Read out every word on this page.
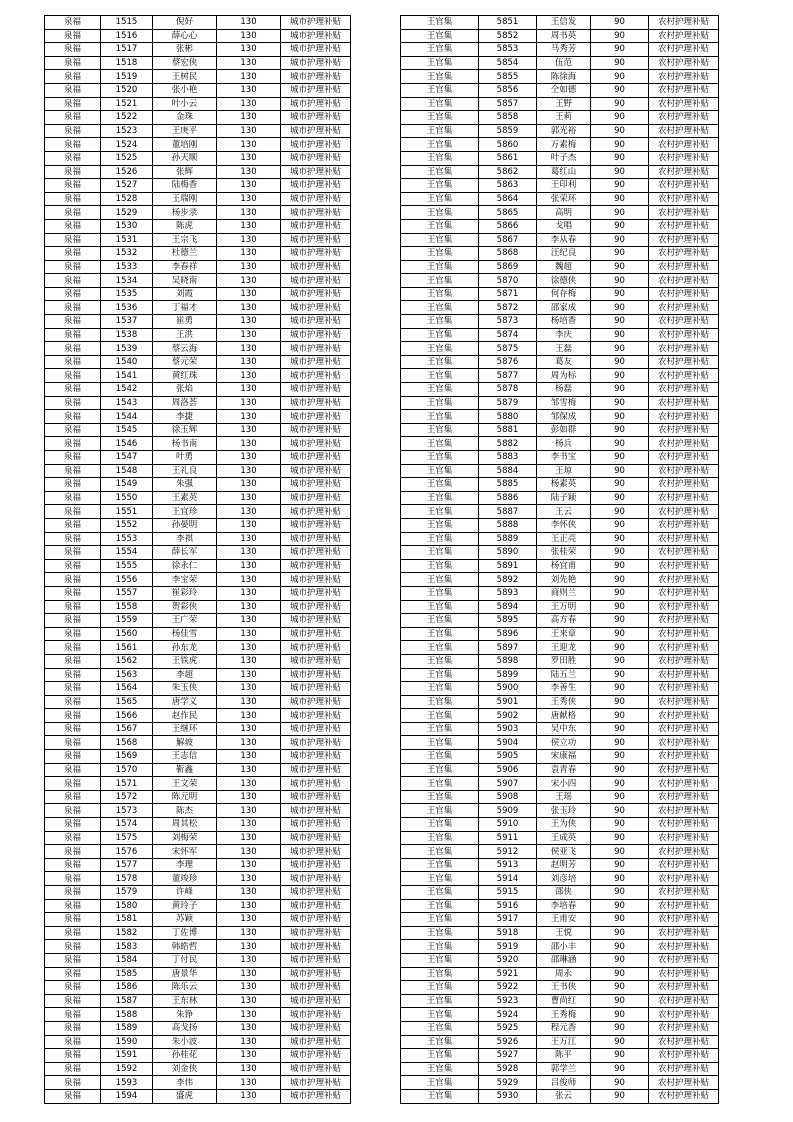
泉福	1515	倪好	130	城市护理补贴
泉福	1516	薛心心	130	城市护理补贴
泉福	1517	张彬	130	城市护理补贴
泉福	1518	蔡宏侠	130	城市护理补贴
泉福	1519	王树民	130	城市护理补贴
泉福	1520	张小艳	130	城市护理补贴
泉福	1521	叶小云	130	城市护理补贴
泉福	1522	金珠	130	城市护理补贴
泉福	1523	王庚平	130	城市护理补贴
泉福	1524	董培刚	130	城市护理补贴
泉福	1525	孙天顺	130	城市护理补贴
泉福	1526	张辉	130	城市护理补贴
泉福	1527	陆梅香	130	城市护理补贴
泉福	1528	王瑞刚	130	城市护理补贴
泉福	1529	杨步录	130	城市护理补贴
泉福	1530	陈虎	130	城市护理补贴
泉福	1531	王宗飞	130	城市护理补贴
泉福	1532	杜德兰	130	城市护理补贴
泉福	1533	李春祥	130	城市护理补贴
泉福	1534	吴晓南	130	城市护理补贴
泉福	1535	刘霞	130	城市护理补贴
泉福	1536	丁福才	130	城市护理补贴
泉福	1537	崔勇	130	城市护理补贴
泉福	1538	王洪	130	城市护理补贴
泉福	1539	蔡云海	130	城市护理补贴
泉福	1540	蔡元荣	130	城市护理补贴
泉福	1541	黄红珠	130	城市护理补贴
泉福	1542	张焰	130	城市护理补贴
泉福	1543	周洛荟	130	城市护理补贴
泉福	1544	李捷	130	城市护理补贴
泉福	1545	徐玉辉	130	城市护理补贴
泉福	1546	杨书南	130	城市护理补贴
泉福	1547	叶勇	130	城市护理补贴
泉福	1548	王礼良	130	城市护理补贴
泉福	1549	朱强	130	城市护理补贴
泉福	1550	王素英	130	城市护理补贴
泉福	1551	王宜珍	130	城市护理补贴
泉福	1552	孙晏明	130	城市护理补贴
泉福	1553	李祺	130	城市护理补贴
泉福	1554	薛长军	130	城市护理补贴
泉福	1555	徐永仁	130	城市护理补贴
泉福	1556	李宝荣	130	城市护理补贴
泉福	1557	崔彩玲	130	城市护理补贴
泉福	1558	贺彩侠	130	城市护理补贴
泉福	1559	王广荣	130	城市护理补贴
泉福	1560	杨佳雪	130	城市护理补贴
泉福	1561	孙东龙	130	城市护理补贴
泉福	1562	王铁虎	130	城市护理补贴
泉福	1563	李超	130	城市护理补贴
泉福	1564	朱玉侠	130	城市护理补贴
泉福	1565	唐学义	130	城市护理补贴
泉福	1566	赵作民	130	城市护理补贴
泉福	1567	王继环	130	城市护理补贴
泉福	1568	解坡	130	城市护理补贴
泉福	1569	王志信	130	城市护理补贴
泉福	1570	靳鑫	130	城市护理补贴
泉福	1571	王文荣	130	城市护理补贴
泉福	1572	陈元明	130	城市护理补贴
泉福	1573	陈杰	130	城市护理补贴
泉福	1574	周其松	130	城市护理补贴
泉福	1575	刘梅荣	130	城市护理补贴
泉福	1576	宋怀军	130	城市护理补贴
泉福	1577	李理	130	城市护理补贴
泉福	1578	董竣珍	130	城市护理补贴
泉福	1579	许峰	130	城市护理补贴
泉福	1580	黄玲子	130	城市护理补贴
泉福	1581	苏颖	130	城市护理补贴
泉福	1582	丁佐博	130	城市护理补贴
泉福	1583	韩皓哲	130	城市护理补贴
泉福	1584	丁付民	130	城市护理补贴
泉福	1585	唐景华	130	城市护理补贴
泉福	1586	陈乐云	130	城市护理补贴
泉福	1587	王东林	130	城市护理补贴
泉福	1588	朱铮	130	城市护理补贴
泉福	1589	高戈扬	130	城市护理补贴
泉福	1590	朱小波	130	城市护理补贴
泉福	1591	孙桂花	130	城市护理补贴
泉福	1592	刘金侠	130	城市护理补贴
泉福	1593	李伟	130	城市护理补贴
泉福	1594	盛虎	130	城市护理补贴
王官集	5851	王信发	90	农村护理补贴
王官集	5852	周书英	90	农村护理补贴
王官集	5853	马秀芳	90	农村护理补贴
王官集	5854	伍范	90	农村护理补贴
王官集	5855	陈徐海	90	农村护理补贴
王官集	5856	仝如德	90	农村护理补贴
王官集	5857	王野	90	农村护理补贴
王官集	5858	王莉	90	农村护理补贴
王官集	5859	郭光裕	90	农村护理补贴
王官集	5860	万素梅	90	农村护理补贴
王官集	5861	叶子杰	90	农村护理补贴
王官集	5862	葛红山	90	农村护理补贴
王官集	5863	王印利	90	农村护理补贴
王官集	5864	张荣环	90	农村护理补贴
王官集	5865	高明	90	农村护理补贴
王官集	5866	戈唱	90	农村护理补贴
王官集	5867	李从春	90	农村护理补贴
王官集	5868	汪纪良	90	农村护理补贴
王官集	5869	魏超	90	农村护理补贴
王官集	5870	徐德侠	90	农村护理补贴
王官集	5871	何存梅	90	农村护理补贴
王官集	5872	邵家成	90	农村护理补贴
王官集	5873	杨培香	90	农村护理补贴
王官集	5874	李庆	90	农村护理补贴
王官集	5875	王磊	90	农村护理补贴
王官集	5876	葛友	90	农村护理补贴
王官集	5877	周为标	90	农村护理补贴
王官集	5878	杨磊	90	农村护理补贴
王官集	5879	邹雪梅	90	农村护理补贴
王官集	5880	邹保成	90	农村护理补贴
王官集	5881	彭如群	90	农村护理补贴
王官集	5882	杨兵	90	农村护理补贴
王官集	5883	李书宝	90	农村护理补贴
王官集	5884	王琼	90	农村护理补贴
王官集	5885	杨素英	90	农村护理补贴
王官集	5886	陆子颖	90	农村护理补贴
王官集	5887	王云	90	农村护理补贴
王官集	5888	李怀侠	90	农村护理补贴
王官集	5889	王正亮	90	农村护理补贴
王官集	5890	张桂荣	90	农村护理补贴
王官集	5891	杨宜甫	90	农村护理补贴
王官集	5892	刘先艳	90	农村护理补贴
王官集	5893	商则兰	90	农村护理补贴
王官集	5894	王万明	90	农村护理补贴
王官集	5895	高方春	90	农村护理补贴
王官集	5896	王来章	90	农村护理补贴
王官集	5897	王迎龙	90	农村护理补贴
王官集	5898	罗田胜	90	农村护理补贴
王官集	5899	陆五兰	90	农村护理补贴
王官集	5900	李善生	90	农村护理补贴
王官集	5901	王秀侠	90	农村护理补贴
王官集	5902	唐献格	90	农村护理补贴
王官集	5903	吴中东	90	农村护理补贴
王官集	5904	侯立功	90	农村护理补贴
王官集	5905	宋康福	90	农村护理补贴
王官集	5906	袁青春	90	农村护理补贴
王官集	5907	宋小四	90	农村护理补贴
王官集	5908	王瑶	90	农村护理补贴
王官集	5909	张玉玲	90	农村护理补贴
王官集	5910	王为侠	90	农村护理补贴
王官集	5911	王成英	90	农村护理补贴
王官集	5912	侯亚飞	90	农村护理补贴
王官集	5913	赵明芳	90	农村护理补贴
王官集	5914	刘彦培	90	农村护理补贴
王官集	5915	邵侠	90	农村护理补贴
王官集	5916	李培春	90	农村护理补贴
王官集	5917	王甫安	90	农村护理补贴
王官集	5918	王悦	90	农村护理补贴
王官集	5919	邵小丰	90	农村护理补贴
王官集	5920	邵琳涵	90	农村护理补贴
王官集	5921	周永	90	农村护理补贴
王官集	5922	王书侠	90	农村护理补贴
王官集	5923	曹尚红	90	农村护理补贴
王官集	5924	王秀梅	90	农村护理补贴
王官集	5925	程元香	90	农村护理补贴
王官集	5926	王万江	90	农村护理补贴
王官集	5927	陈平	90	农村护理补贴
王官集	5928	郭学兰	90	农村护理补贴
王官集	5929	吕俊师	90	农村护理补贴
王官集	5930	张云	90	农村护理补贴
